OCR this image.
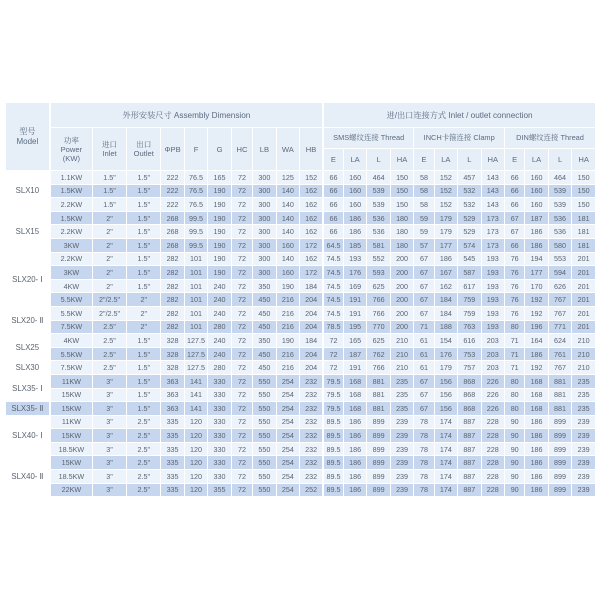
型号
Model	外形安装尺寸 Assembly Dimension										进/出口连接方式 Inlet / outlet connection											
	功率
Power
(KW)	进口
Inlet	出口
Outlet	ΦPB	F	G	HC	LB	WA	HB	SMS螺纹连接 Thread				INCH卡箍连接 Clamp				DIN螺纹连接 Thread			
											E	LA	L	HA	E	LA	L	HA	E	LA	L	HA
SLX10	1.1KW	1.5"	1.5"	222	76.5	165	72	300	125	152	66	160	464	150	58	152	457	143	66	160	464	150
	1.5KW	1.5"	1.5"	222	76.5	190	72	300	140	162	66	160	539	150	58	152	532	143	66	160	539	150
	2.2KW	1.5"	1.5"	222	76.5	190	72	300	140	162	66	160	539	150	58	152	532	143	66	160	539	150
SLX15	1.5KW	2"	1.5"	268	99.5	190	72	300	140	162	66	186	536	180	59	179	529	173	67	187	536	181
	2.2KW	2"	1.5"	268	99.5	190	72	300	140	162	66	186	536	180	59	179	529	173	67	186	536	181
	3KW	2"	1.5"	268	99.5	190	72	300	160	172	64.5	185	581	180	57	177	574	173	66	186	580	181
SLX20- Ⅰ	2.2KW	2"	1.5"	282	101	190	72	300	140	162	74.5	193	552	200	67	186	545	193	76	194	553	201
	3KW	2"	1.5"	282	101	190	72	300	160	172	74.5	176	593	200	67	167	587	193	76	177	594	201
	4KW	2"	1.5"	282	101	240	72	350	190	184	74.5	169	625	200	67	162	617	193	76	170	626	201
	5.5KW	2"/2.5"	2"	282	101	240	72	450	216	204	74.5	191	766	200	67	184	759	193	76	192	767	201
SLX20- Ⅱ	5.5KW	2"/2.5"	2"	282	101	240	72	450	216	204	74.5	191	766	200	67	184	759	193	76	192	767	201
	7.5KW	2.5"	2"	282	101	280	72	450	216	204	78.5	195	770	200	71	188	763	193	80	196	771	201
SLX25	4KW	2.5"	1.5"	328	127.5	240	72	350	190	184	72	165	625	210	61	154	616	203	71	164	624	210
	5.5KW	2.5"	1.5"	328	127.5	240	72	450	216	204	72	187	762	210	61	176	753	203	71	186	761	210
SLX30	7.5KW	2.5"	1.5"	328	127.5	280	72	450	216	204	72	191	766	210	61	179	757	203	71	192	767	210
SLX35- Ⅰ	11KW	3"	1.5"	363	141	330	72	550	254	232	79.5	168	881	235	67	156	868	226	80	168	881	235
	15KW	3"	1.5"	363	141	330	72	550	254	232	79.5	168	881	235	67	156	868	226	80	168	881	235
SLX35- Ⅱ	15KW	3"	1.5"	363	141	330	72	550	254	232	79.5	168	881	235	67	156	868	226	80	168	881	235
SLX40- Ⅰ	11KW	3"	2.5"	335	120	330	72	550	254	232	89.5	186	899	239	78	174	887	228	90	186	899	239
	15KW	3"	2.5"	335	120	330	72	550	254	232	89.5	186	899	239	78	174	887	228	90	186	899	239
	18.5KW	3"	2.5"	335	120	330	72	550	254	232	89.5	186	899	239	78	174	887	228	90	186	899	239
SLX40- Ⅱ	15KW	3"	2.5"	335	120	330	72	550	254	232	89.5	186	899	239	78	174	887	228	90	186	899	239
	18.5KW	3"	2.5"	335	120	330	72	550	254	232	89.5	186	899	239	78	174	887	228	90	186	899	239
	22KW	3"	2.5"	335	120	355	72	550	254	252	89.5	186	899	239	78	174	887	228	90	186	899	239
